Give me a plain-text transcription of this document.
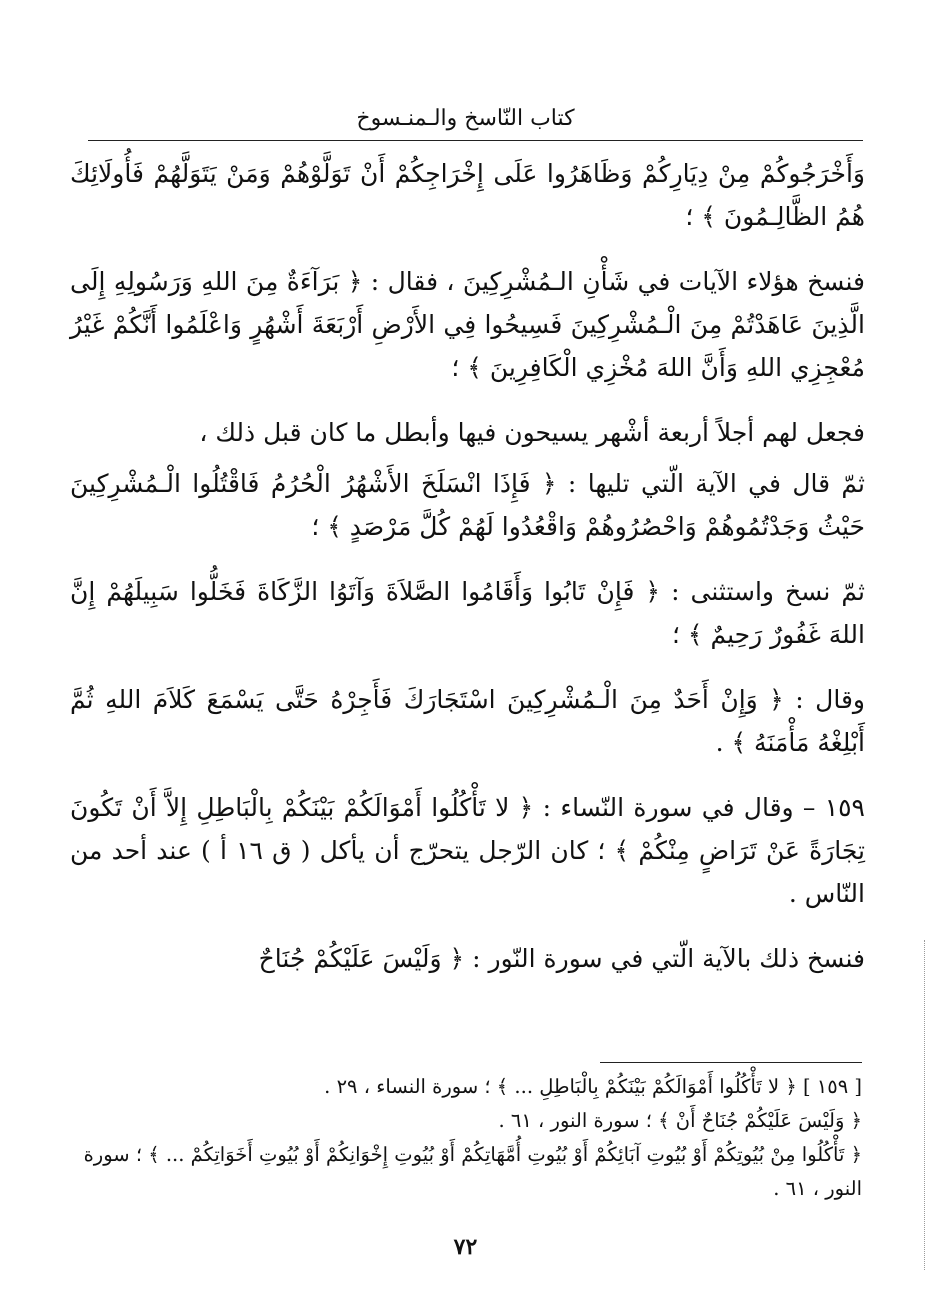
كتاب النّاسخ والـمنـسوخ

وَأَخْرَجُوكُمْ مِنْ دِيَارِكُمْ وَظَاهَرُوا عَلَى إِخْرَاجِكُمْ أَنْ تَوَلَّوْهُمْ وَمَنْ يَتَوَلَّهُمْ فَأُولَائِكَ هُمُ الظَّالِـمُونَ ﴾ ؛

فنسخ هؤلاء الآيات في شَأْنِ الـمُشْرِكِينَ ، فقال : ﴿ بَرَآءَةٌ مِنَ اللهِ وَرَسُولِهِ إِلَى الَّذِينَ عَاهَدْتُمْ مِنَ الْـمُشْرِكِينَ فَسِيحُوا فِي الأَرْضِ أَرْبَعَةَ أَشْهُرٍ وَاعْلَمُوا أَنَّكُمْ غَيْرُ مُعْجِزِي اللهِ وَأَنَّ اللهَ مُخْزِي الْكَافِرِينَ ﴾ ؛

فجعل لهم أجلاً أربعة أشْهر يسيحون فيها وأبطل ما كان قبل ذلك ،

ثمّ قال في الآية الّتي تليها : ﴿ فَإِذَا انْسَلَخَ الأَشْهُرُ الْحُرُمُ فَاقْتُلُوا الْـمُشْرِكِينَ حَيْثُ وَجَدْتُمُوهُمْ وَاحْصُرُوهُمْ وَاقْعُدُوا لَهُمْ كُلَّ مَرْصَدٍ ﴾ ؛

ثمّ نسخ واستثنى : ﴿ فَإِنْ تَابُوا وَأَقَامُوا الصَّلاَةَ وَآتَوُا الزَّكَاةَ فَخَلُّوا سَبِيلَهُمْ إِنَّ اللهَ غَفُورٌ رَحِيمٌ ﴾ ؛

وقال : ﴿ وَإِنْ أَحَدٌ مِنَ الْـمُشْرِكِينَ اسْتَجَارَكَ فَأَجِرْهُ حَتَّى يَسْمَعَ كَلاَمَ اللهِ ثُمَّ أَبْلِغْهُ مَأْمَنَهُ ﴾ .

١٥٩ – وقال في سورة النّساء : ﴿ لا تَأْكُلُوا أَمْوَالَكُمْ بَيْنَكُمْ بِالْبَاطِلِ إِلاَّ أَنْ تَكُونَ تِجَارَةً عَنْ تَرَاضٍ مِنْكُمْ ﴾ ؛ كان الرّجل يتحرّج أن يأكل ( ق ١٦ أ ) عند أحد من النّاس .

فنسخ ذلك بالآية الّتي في سورة النّور : ﴿ وَلَيْسَ عَلَيْكُمْ جُنَاحٌ

[ ١٥٩ ] ﴿ لا تَأْكُلُوا أَمْوَالَكُمْ بَيْنَكُمْ بِالْبَاطِلِ ... ﴾ ؛ سورة النساء ، ٢٩ .

﴿ وَلَيْسَ عَلَيْكُمْ جُنَاحٌ أَنْ ﴾ ؛ سورة النور ، ٦١ .

﴿ تَأْكُلُوا مِنْ بُيُوتِكُمْ أَوْ بُيُوتِ آبَائِكُمْ أَوْ بُيُوتِ أُمَّهَاتِكُمْ أَوْ بُيُوتِ إِخْوَانِكُمْ أَوْ بُيُوتِ أَخَوَاتِكُمْ ... ﴾ ؛ سورة النور ، ٦١ .

٧٢
